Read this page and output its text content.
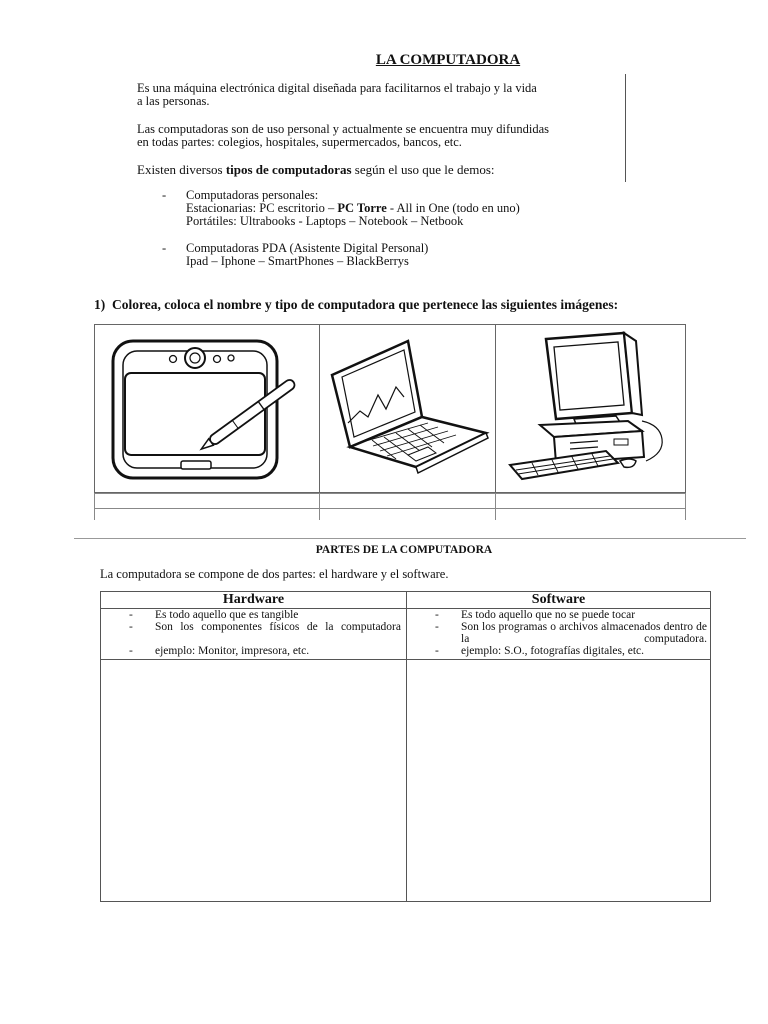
LA COMPUTADORA
Es una máquina electrónica digital diseñada para facilitarnos el trabajo y la vida
a las personas.
Las computadoras son de uso personal y actualmente se encuentra muy difundidas
en todas partes: colegios, hospitales, supermercados, bancos, etc.
Existen diversos tipos de computadoras según el uso que le demos:
- Computadoras personales:
Estacionarias: PC escritorio – PC Torre - All in One (todo en uno)
Portátiles: Ultrabooks - Laptops – Notebook – Netbook
- Computadoras PDA (Asistente Digital Personal)
Ipad – Iphone – SmartPhones – BlackBerrys
1) Colorea, coloca el nombre y tipo de computadora que pertenece las siguientes imágenes:
PARTES DE LA COMPUTADORA
La computadora se compone de dos partes: el hardware y el software.
Hardware	Software
- Es todo aquello que es tangible
- Son los componentes físicos de la computadora
- ejemplo: Monitor, impresora, etc.
- Es todo aquello que no se puede tocar
- Son los programas o archivos almacenados dentro de la computadora.
- ejemplo: S.O., fotografías digitales, etc.
